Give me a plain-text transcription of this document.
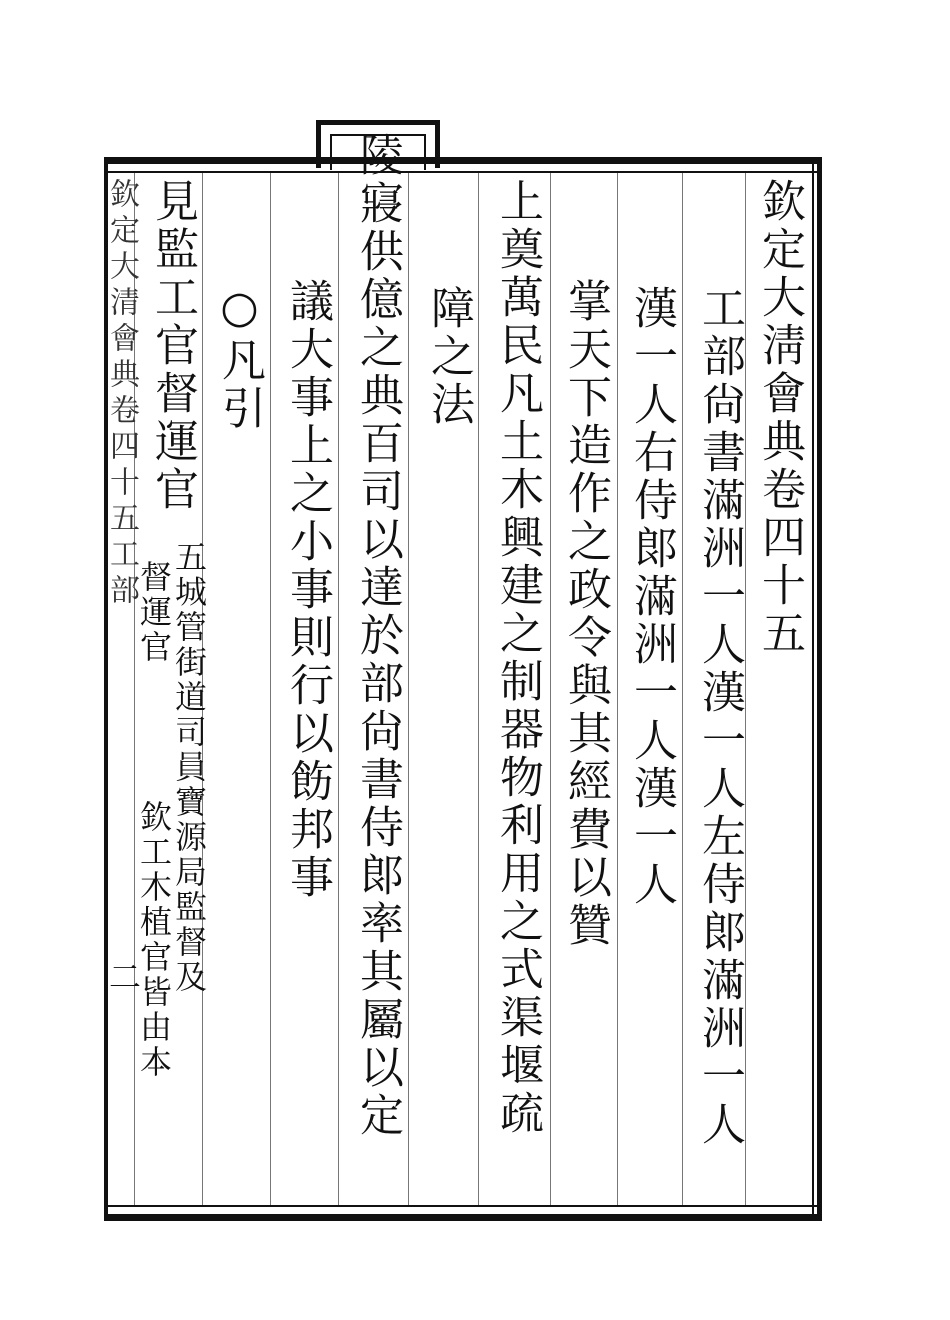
欽定大淸會典卷四十五

工部尙書滿洲一人漢一人左侍郞滿洲一人

漢一人右侍郞滿洲一人漢一人

掌天下造作之政令與其經費以贊

上奠萬民凡土木興建之制器物利用之式渠堰疏

障之法

陵寢供億之典百司以達於部尙書侍郞率其屬以定

議大事上之小事則行以飭邦事

○凡引

見監工官督運官

五城管街道司員寶源局監督及

督運官

欽工木植官皆由本

欽定大清會典卷四十五工部

二
